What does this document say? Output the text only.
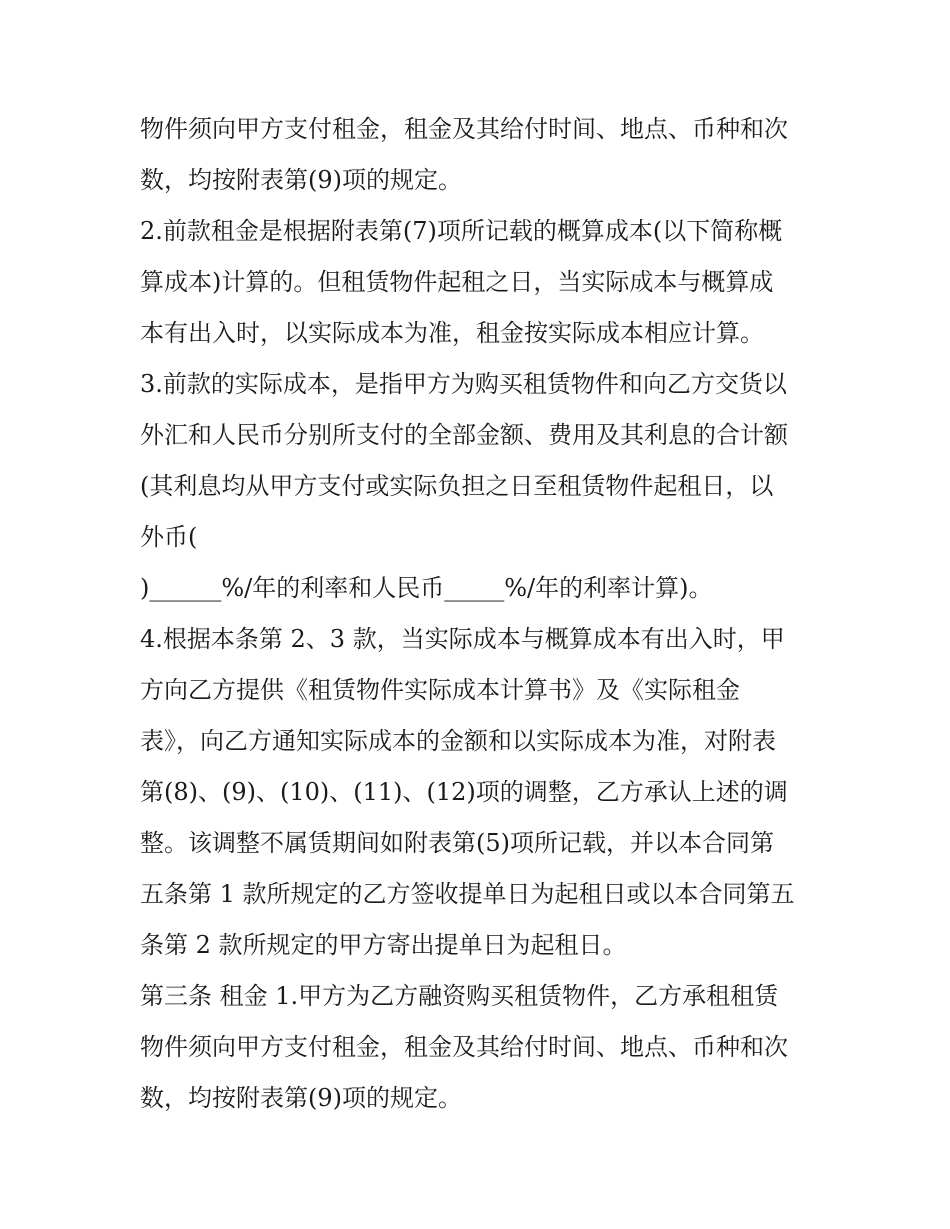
物件须向甲方支付租金，租金及其给付时间、地点、币种和次
数，均按附表第(9)项的规定。
2.前款租金是根据附表第(7)项所记载的概算成本(以下简称概
算成本)计算的。但租赁物件起租之日，当实际成本与概算成
本有出入时，以实际成本为准，租金按实际成本相应计算。
3.前款的实际成本，是指甲方为购买租赁物件和向乙方交货以
外汇和人民币分别所支付的全部金额、费用及其利息的合计额
(其利息均从甲方支付或实际负担之日至租赁物件起租日，以
外币(
)______%/年的利率和人民币_____%/年的利率计算)。
4.根据本条第 2、3 款，当实际成本与概算成本有出入时，甲
方向乙方提供《租赁物件实际成本计算书》及《实际租金
表》，向乙方通知实际成本的金额和以实际成本为准，对附表
第(8)、(9)、(10)、(11)、(12)项的调整，乙方承认上述的调
整。该调整不属赁期间如附表第(5)项所记载，并以本合同第
五条第 1 款所规定的乙方签收提单日为起租日或以本合同第五
条第 2 款所规定的甲方寄出提单日为起租日。
第三条 租金 1.甲方为乙方融资购买租赁物件，乙方承租租赁
物件须向甲方支付租金，租金及其给付时间、地点、币种和次
数，均按附表第(9)项的规定。
